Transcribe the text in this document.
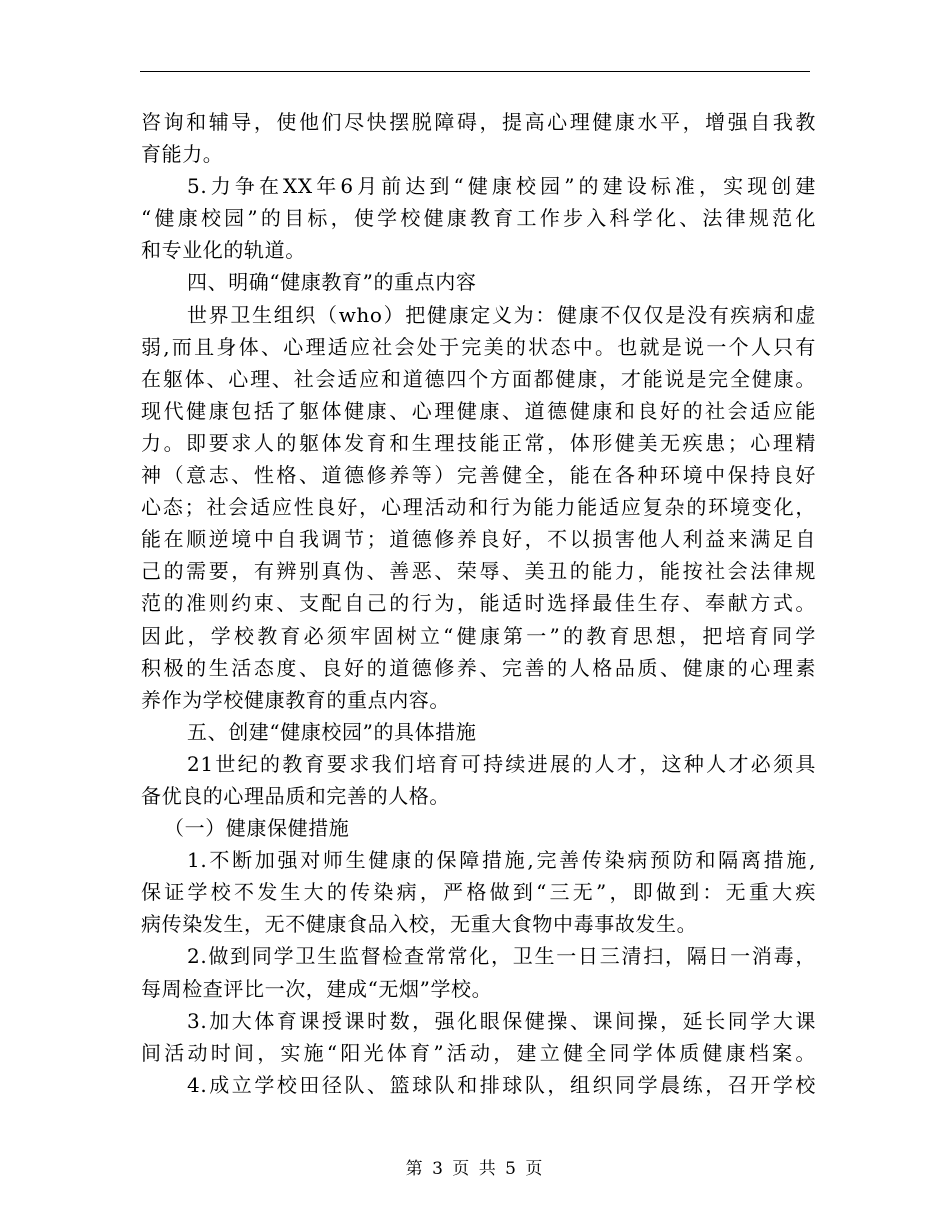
咨询和辅导，使他们尽快摆脱障碍，提高心理健康水平，增强自我教
育能力。
5.力争在XX年6月前达到“健康校园”的建设标准，实现创建
“健康校园”的目标，使学校健康教育工作步入科学化、法律规范化
和专业化的轨道。
四、明确“健康教育”的重点内容
世界卫生组织（who）把健康定义为：健康不仅仅是没有疾病和虚
弱,而且身体、心理适应社会处于完美的状态中。也就是说一个人只有
在躯体、心理、社会适应和道德四个方面都健康，才能说是完全健康。
现代健康包括了躯体健康、心理健康、道德健康和良好的社会适应能
力。即要求人的躯体发育和生理技能正常，体形健美无疾患；心理精
神（意志、性格、道德修养等）完善健全，能在各种环境中保持良好
心态；社会适应性良好，心理活动和行为能力能适应复杂的环境变化，
能在顺逆境中自我调节；道德修养良好，不以损害他人利益来满足自
己的需要，有辨别真伪、善恶、荣辱、美丑的能力，能按社会法律规
范的准则约束、支配自己的行为，能适时选择最佳生存、奉献方式。
因此，学校教育必须牢固树立“健康第一”的教育思想，把培育同学
积极的生活态度、良好的道德修养、完善的人格品质、健康的心理素
养作为学校健康教育的重点内容。
五、创建“健康校园”的具体措施
21世纪的教育要求我们培育可持续进展的人才，这种人才必须具
备优良的心理品质和完善的人格。
（一）健康保健措施
1.不断加强对师生健康的保障措施,完善传染病预防和隔离措施,
保证学校不发生大的传染病，严格做到“三无”，即做到：无重大疾
病传染发生，无不健康食品入校，无重大食物中毒事故发生。
2.做到同学卫生监督检查常常化，卫生一日三清扫，隔日一消毒，
每周检查评比一次，建成“无烟”学校。
3.加大体育课授课时数，强化眼保健操、课间操，延长同学大课
间活动时间，实施“阳光体育”活动，建立健全同学体质健康档案。
4.成立学校田径队、篮球队和排球队，组织同学晨练，召开学校
第 3 页 共 5 页
